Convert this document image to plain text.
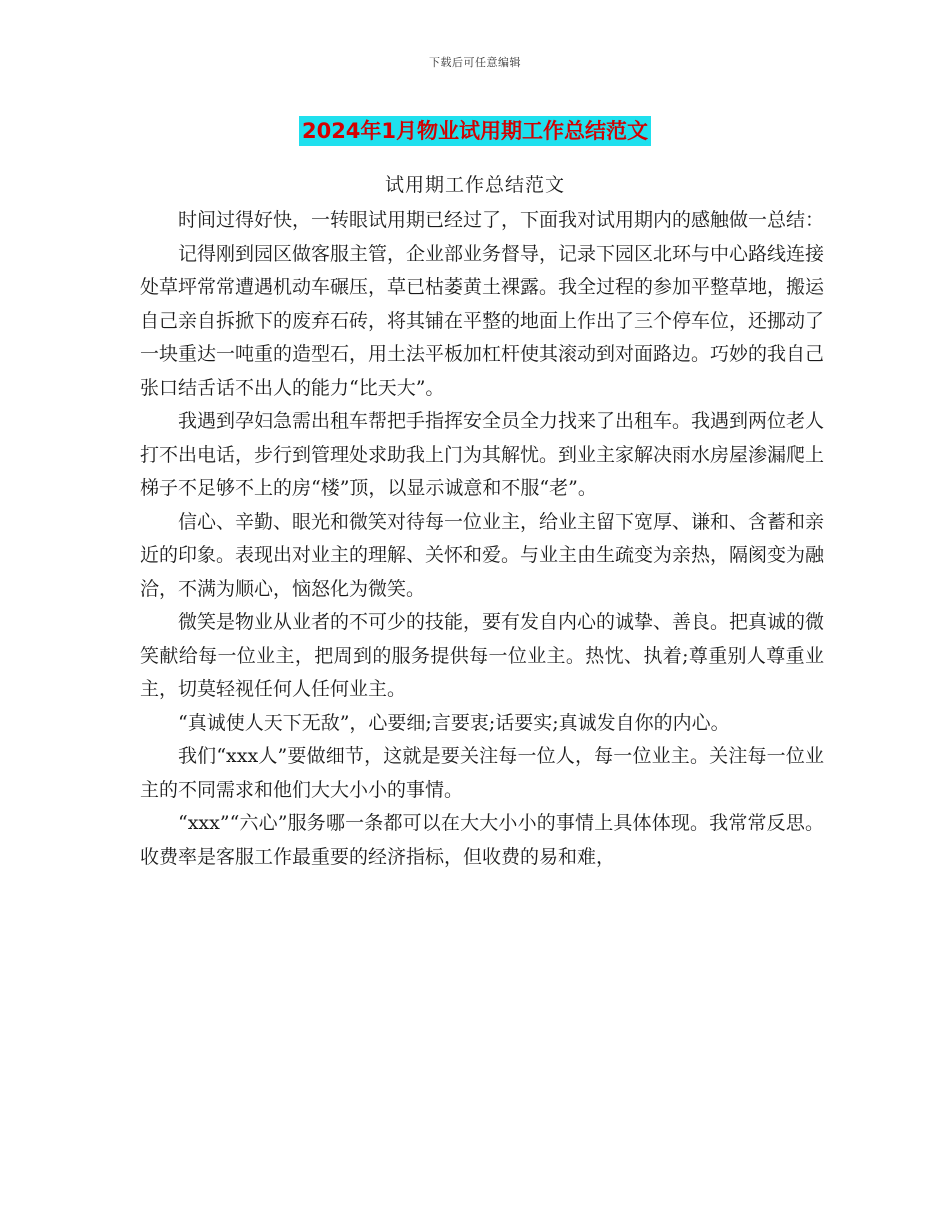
下载后可任意编辑
2024年1月物业试用期工作总结范文
试用期工作总结范文

时间过得好快，一转眼试用期已经过了，下面我对试用期内的感触做一总结：

记得刚到园区做客服主管，企业部业务督导，记录下园区北环与中心路线连接处草坪常常遭遇机动车碾压，草已枯萎黄土裸露。我全过程的参加平整草地，搬运自己亲自拆掀下的废弃石砖，将其铺在平整的地面上作出了三个停车位，还挪动了一块重达一吨重的造型石，用土法平板加杠杆使其滚动到对面路边。巧妙的我自己张口结舌话不出人的能力“比天大”。

我遇到孕妇急需出租车帮把手指挥安全员全力找来了出租车。我遇到两位老人打不出电话，步行到管理处求助我上门为其解忧。到业主家解决雨水房屋渗漏爬上梯子不足够不上的房“楼”顶，以显示诚意和不服“老”。

信心、辛勤、眼光和微笑对待每一位业主，给业主留下宽厚、谦和、含蓄和亲近的印象。表现出对业主的理解、关怀和爱。与业主由生疏变为亲热，隔阂变为融洽，不满为顺心，恼怒化为微笑。

微笑是物业从业者的不可少的技能，要有发自内心的诚挚、善良。把真诚的微笑献给每一位业主，把周到的服务提供每一位业主。热忱、执着;尊重别人尊重业主，切莫轻视任何人任何业主。

“真诚使人天下无敌”，心要细;言要衷;话要实;真诚发自你的内心。

我们“xxx人”要做细节，这就是要关注每一位人，每一位业主。关注每一位业主的不同需求和他们大大小小的事情。

“xxx”“六心”服务哪一条都可以在大大小小的事情上具体体现。我常常反思。收费率是客服工作最重要的经济指标，但收费的易和难，
